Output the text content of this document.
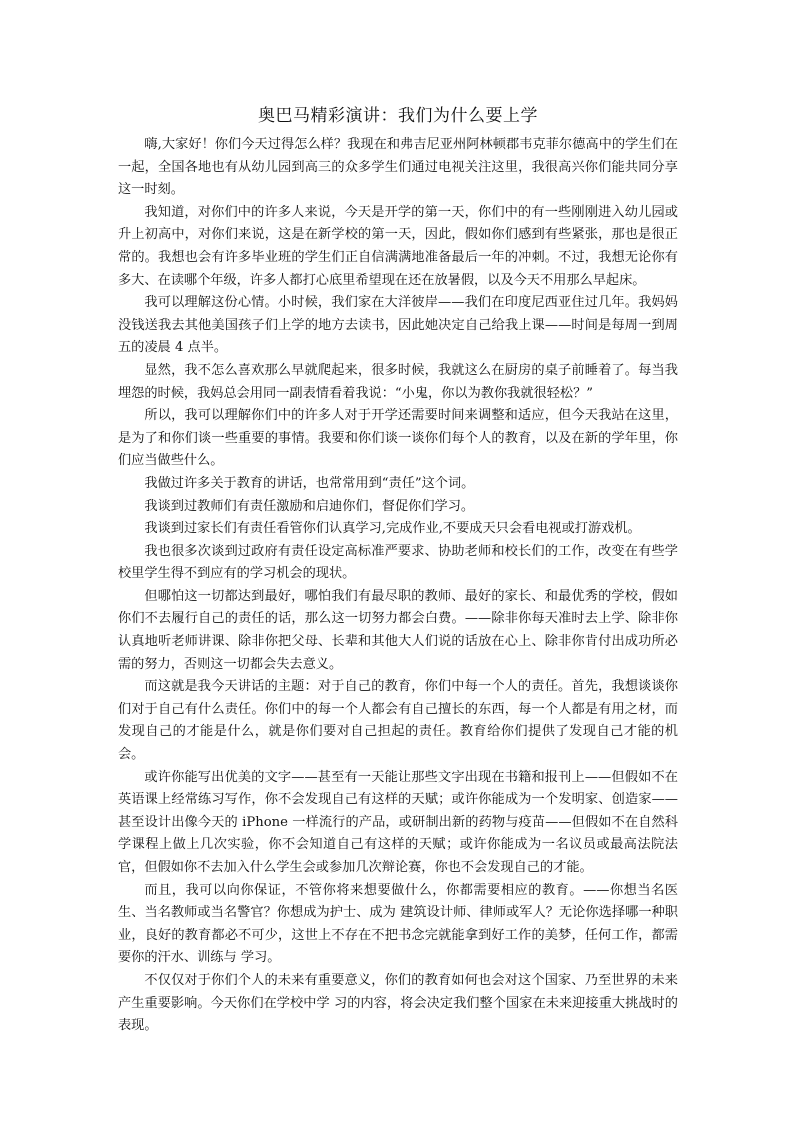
奥巴马精彩演讲：我们为什么要上学

嗨,大家好！你们今天过得怎么样？我现在和弗吉尼亚州阿林顿郡韦克菲尔德高中的学生们在一起，全国各地也有从幼儿园到高三的众多学生们通过电视关注这里，我很高兴你们能共同分享这一时刻。

我知道，对你们中的许多人来说，今天是开学的第一天，你们中的有一些刚刚进入幼儿园或升上初高中，对你们来说，这是在新学校的第一天，因此，假如你们感到有些紧张，那也是很正常的。我想也会有许多毕业班的学生们正自信满满地准备最后一年的冲刺。不过，我想无论你有多大、在读哪个年级，许多人都打心底里希望现在还在放暑假，以及今天不用那么早起床。

我可以理解这份心情。小时候，我们家在大洋彼岸——我们在印度尼西亚住过几年。我妈妈没钱送我去其他美国孩子们上学的地方去读书，因此她决定自己给我上课——时间是每周一到周五的凌晨 4 点半。

显然，我不怎么喜欢那么早就爬起来，很多时候，我就这么在厨房的桌子前睡着了。每当我埋怨的时候，我妈总会用同一副表情看着我说：“小鬼，你以为教你我就很轻松？”

所以，我可以理解你们中的许多人对于开学还需要时间来调整和适应，但今天我站在这里，是为了和你们谈一些重要的事情。我要和你们谈一谈你们每个人的教育，以及在新的学年里，你们应当做些什么。

我做过许多关于教育的讲话，也常常用到“责任”这个词。

我谈到过教师们有责任激励和启迪你们，督促你们学习。

我谈到过家长们有责任看管你们认真学习,完成作业,不要成天只会看电视或打游戏机。

我也很多次谈到过政府有责任设定高标准严要求、协助老师和校长们的工作，改变在有些学校里学生得不到应有的学习机会的现状。

但哪怕这一切都达到最好，哪怕我们有最尽职的教师、最好的家长、和最优秀的学校，假如你们不去履行自己的责任的话，那么这一切努力都会白费。——除非你每天准时去上学、除非你认真地听老师讲课、除非你把父母、长辈和其他大人们说的话放在心上、除非你肯付出成功所必需的努力，否则这一切都会失去意义。

而这就是我今天讲话的主题：对于自己的教育，你们中每一个人的责任。首先，我想谈谈你们对于自己有什么责任。你们中的每一个人都会有自己擅长的东西，每一个人都是有用之材，而发现自己的才能是什么，就是你们要对自己担起的责任。教育给你们提供了发现自己才能的机会。

或许你能写出优美的文字——甚至有一天能让那些文字出现在书籍和报刊上——但假如不在英语课上经常练习写作，你不会发现自己有这样的天赋；或许你能成为一个发明家、创造家——甚至设计出像今天的 iPhone 一样流行的产品，或研制出新的药物与疫苗——但假如不在自然科学课程上做上几次实验，你不会知道自己有这样的天赋；或许你能成为一名议员或最高法院法官，但假如你不去加入什么学生会或参加几次辩论赛，你也不会发现自己的才能。

而且，我可以向你保证，不管你将来想要做什么，你都需要相应的教育。——你想当名医生、当名教师或当名警官？你想成为护士、成为 建筑设计师、律师或军人？无论你选择哪一种职业，良好的教育都必不可少，这世上不存在不把书念完就能拿到好工作的美梦，任何工作，都需要你的汗水、训练与 学习。

不仅仅对于你们个人的未来有重要意义，你们的教育如何也会对这个国家、乃至世界的未来产生重要影响。今天你们在学校中学 习的内容，将会决定我们整个国家在未来迎接重大挑战时的表现。
